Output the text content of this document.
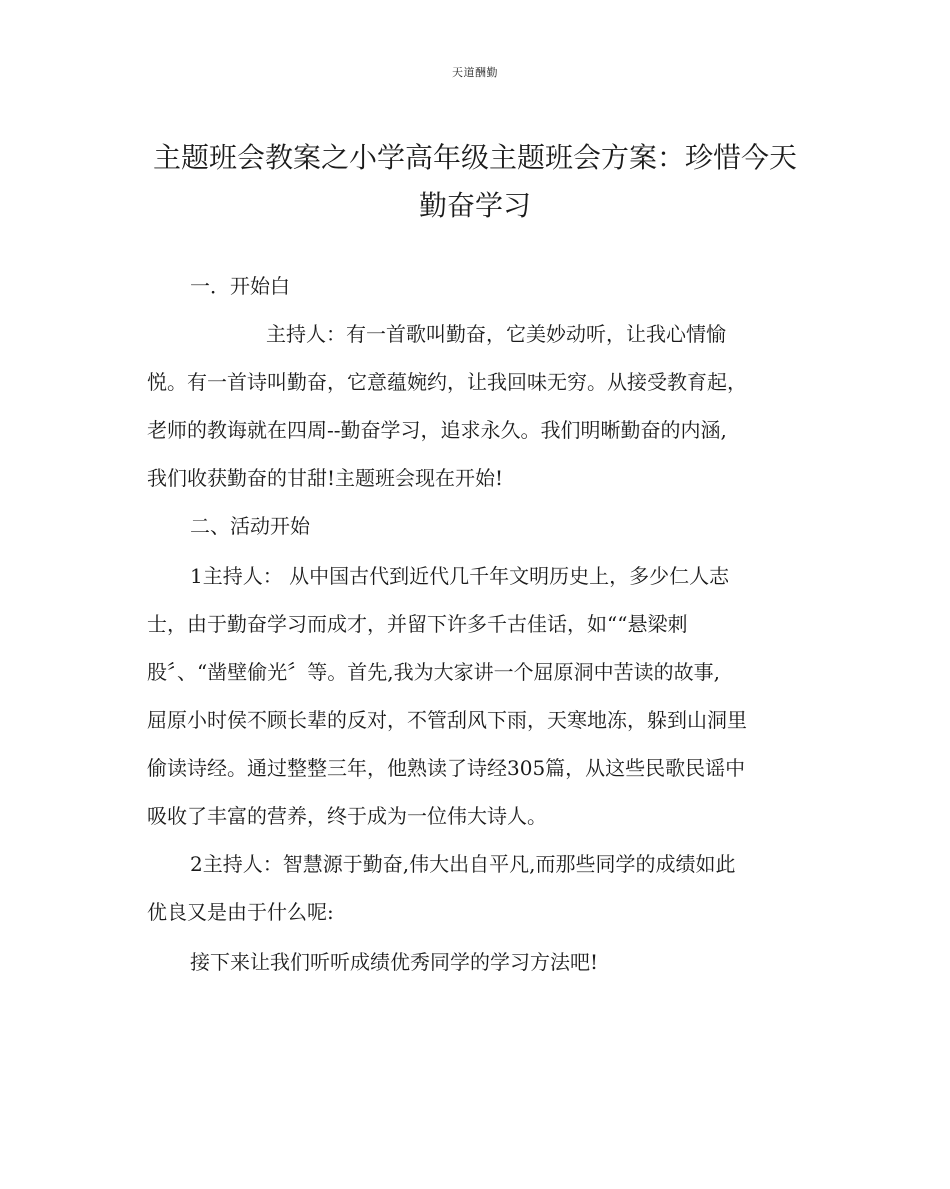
天道酬勤
主题班会教案之小学高年级主题班会方案：珍惜今天
勤奋学习
一．开始白
主持人：有一首歌叫勤奋，它美妙动听，让我心情愉
悦。有一首诗叫勤奋，它意蕴婉约，让我回味无穷。从接受教育起，
老师的教诲就在四周--勤奋学习，追求永久。我们明晰勤奋的内涵,
我们收获勤奋的甘甜!主题班会现在开始!
二、活动开始
1主持人： 从中国古代到近代几千年文明历史上，多少仁人志
士，由于勤奋学习而成才，并留下许多千古佳话，如““悬梁刺
股〞、“凿壁偷光〞等。首先,我为大家讲一个屈原洞中苦读的故事,
屈原小时侯不顾长辈的反对，不管刮风下雨，天寒地冻，躲到山洞里
偷读诗经。通过整整三年，他熟读了诗经305篇，从这些民歌民谣中
吸收了丰富的营养，终于成为一位伟大诗人。
2主持人：智慧源于勤奋,伟大出自平凡,而那些同学的成绩如此
优良又是由于什么呢:
接下来让我们听听成绩优秀同学的学习方法吧!
